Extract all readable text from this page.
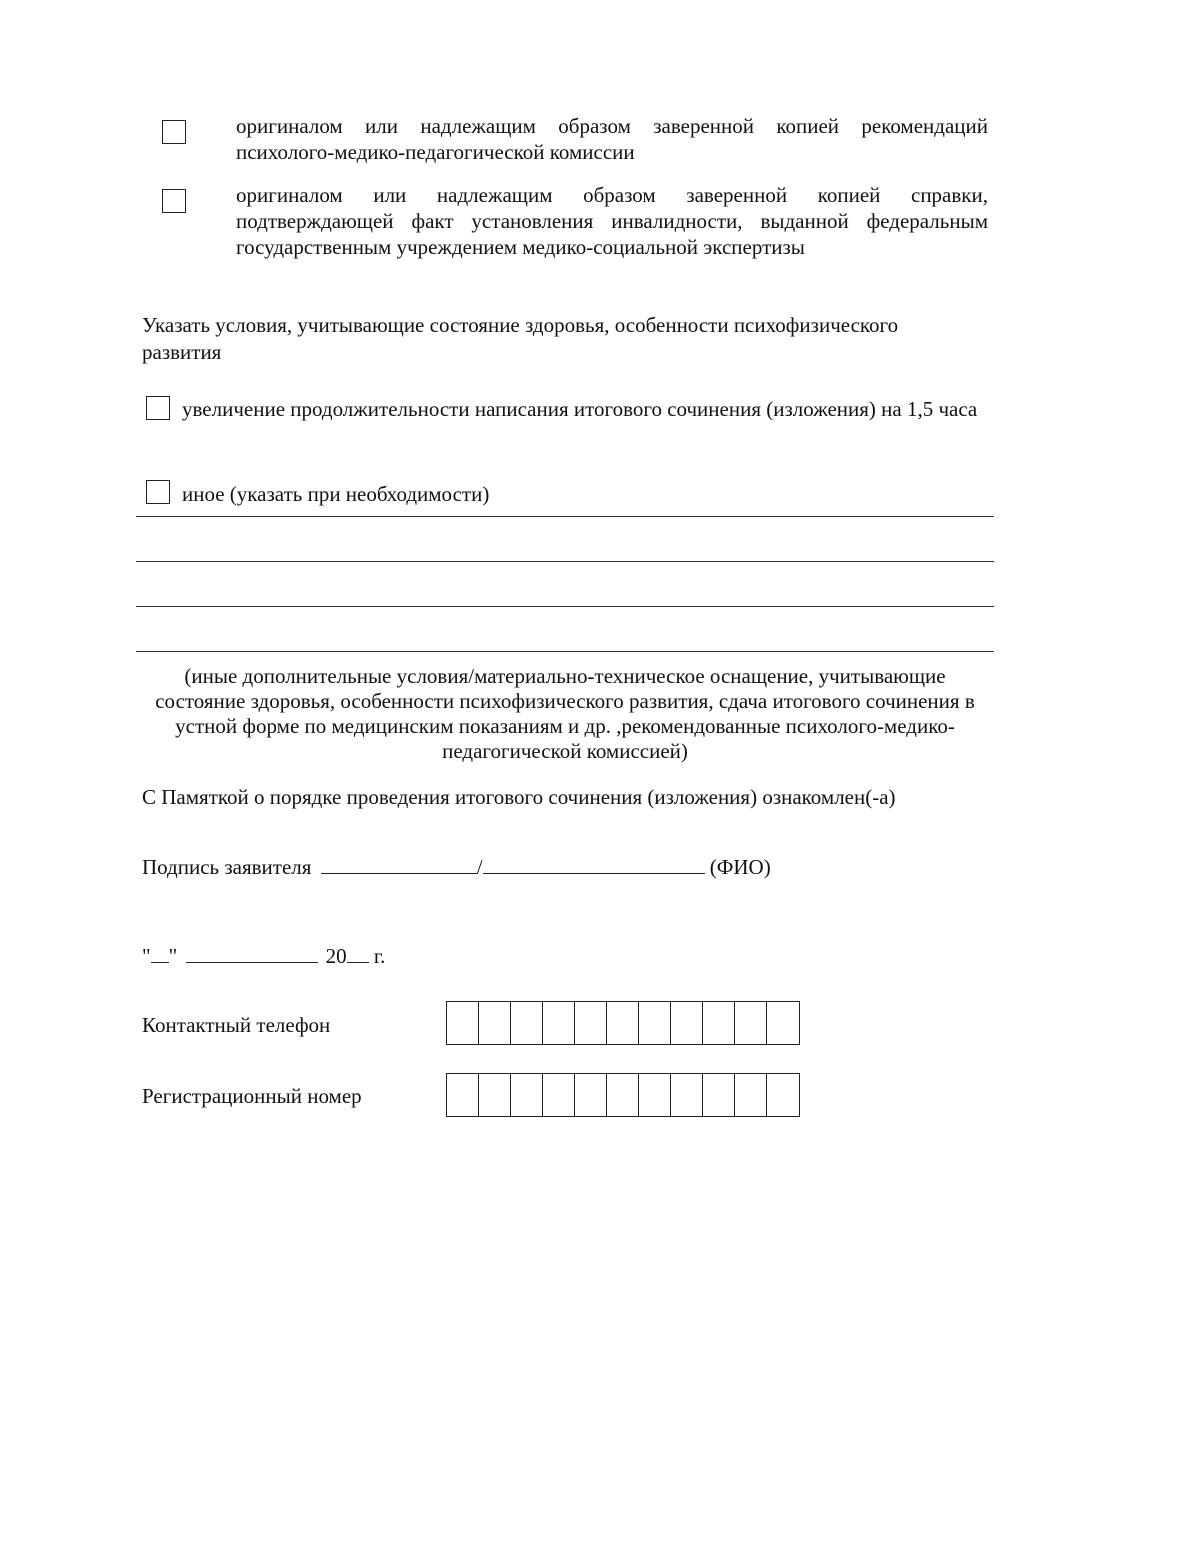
оригиналом или надлежащим образом заверенной копией рекомендаций психолого-медико-педагогической комиссии
оригиналом или надлежащим образом заверенной копией справки, подтверждающей факт установления инвалидности, выданной федеральным государственным учреждением медико-социальной экспертизы
Указать условия, учитывающие состояние здоровья, особенности психофизического развития
увеличение продолжительности написания итогового сочинения (изложения) на 1,5 часа
иное (указать при необходимости)
(иные дополнительные условия/материально-техническое оснащение, учитывающие состояние здоровья, особенности психофизического развития, сдача итогового сочинения в устной форме по медицинским показаниям и др. ,рекомендованные психолого-медико-педагогической комиссией)
С Памяткой о порядке проведения итогового сочинения (изложения) ознакомлен(-а)
Подпись заявителя	/	(ФИО)
" "	20 г.
Контактный телефон
Регистрационный номер
